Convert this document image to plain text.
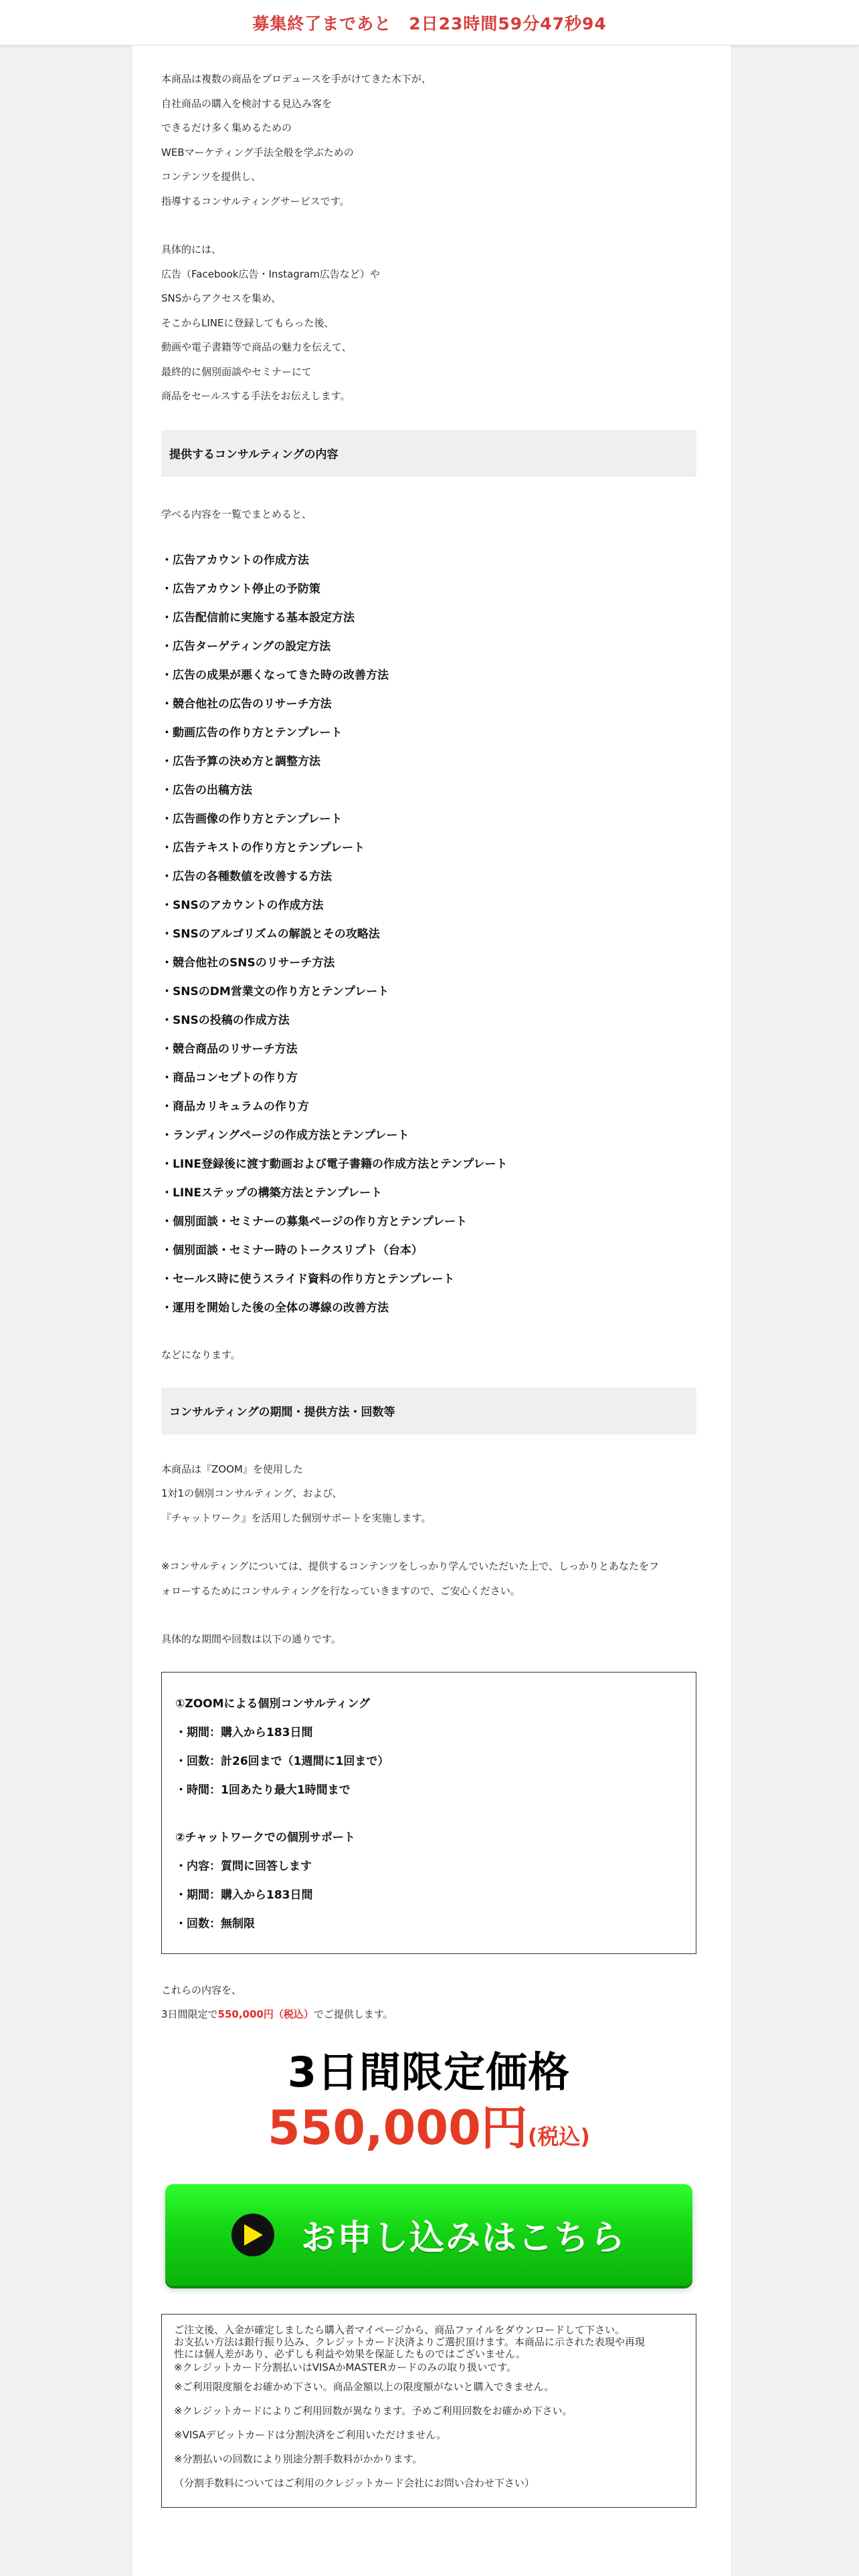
募集終了まであと 2日23時間59分47秒94
本商品は複数の商品をプロデュースを手がけてきた木下が、
自社商品の購入を検討する見込み客を
できるだけ多く集めるための
WEBマーケティング手法全般を学ぶための
コンテンツを提供し、
指導するコンサルティングサービスです。
具体的には、
広告（Facebook広告・Instagram広告など）や
SNSからアクセスを集め、
そこからLINEに登録してもらった後、
動画や電子書籍等で商品の魅力を伝えて、
最終的に個別面談やセミナーにて
商品をセールスする手法をお伝えします。
提供するコンサルティングの内容
学べる内容を一覧でまとめると、
・広告アカウントの作成方法
・広告アカウント停止の予防策
・広告配信前に実施する基本設定方法
・広告ターゲティングの設定方法
・広告の成果が悪くなってきた時の改善方法
・競合他社の広告のリサーチ方法
・動画広告の作り方とテンプレート
・広告予算の決め方と調整方法
・広告の出稿方法
・広告画像の作り方とテンプレート
・広告テキストの作り方とテンプレート
・広告の各種数値を改善する方法
・SNSのアカウントの作成方法
・SNSのアルゴリズムの解説とその攻略法
・競合他社のSNSのリサーチ方法
・SNSのDM営業文の作り方とテンプレート
・SNSの投稿の作成方法
・競合商品のリサーチ方法
・商品コンセプトの作り方
・商品カリキュラムの作り方
・ランディングページの作成方法とテンプレート
・LINE登録後に渡す動画および電子書籍の作成方法とテンプレート
・LINEステップの構築方法とテンプレート
・個別面談・セミナーの募集ページの作り方とテンプレート
・個別面談・セミナー時のトークスリプト（台本）
・セールス時に使うスライド資料の作り方とテンプレート
・運用を開始した後の全体の導線の改善方法
などになります。
コンサルティングの期間・提供方法・回数等
本商品は『ZOOM』を使用した
1対1の個別コンサルティング、および、
『チャットワーク』を活用した個別サポートを実施します。
※コンサルティングについては、提供するコンテンツをしっかり学んでいただいた上で、しっかりとあなたをフ
ォローするためにコンサルティングを行なっていきますので、ご安心ください。
具体的な期間や回数は以下の通りです。
①ZOOMによる個別コンサルティング
・期間：購入から183日間
・回数：計26回まで（1週間に1回まで）
・時間：1回あたり最大1時間まで
②チャットワークでの個別サポート
・内容：質問に回答します
・期間：購入から183日間
・回数：無制限
これらの内容を、
3日間限定で550,000円（税込）でご提供します。
3日間限定価格
550,000円(税込)
お申し込みはこちら
ご注文後、入金が確定しましたら購入者マイページから、商品ファイルをダウンロードして下さい。
お支払い方法は銀行振り込み、クレジットカード決済よりご選択頂けます。本商品に示された表現や再現
性には個人差があり、必ずしも利益や効果を保証したものではございません。
※クレジットカード分割払いはVISAかMASTERカードのみの取り扱いです。
※ご利用限度額をお確かめ下さい。商品金額以上の限度額がないと購入できません。
※クレジットカードによりご利用回数が異なります。予めご利用回数をお確かめ下さい。
※VISAデビットカードは分割決済をご利用いただけません。
※分割払いの回数により別途分割手数料がかかります。
（分割手数料についてはご利用のクレジットカード会社にお問い合わせ下さい）
